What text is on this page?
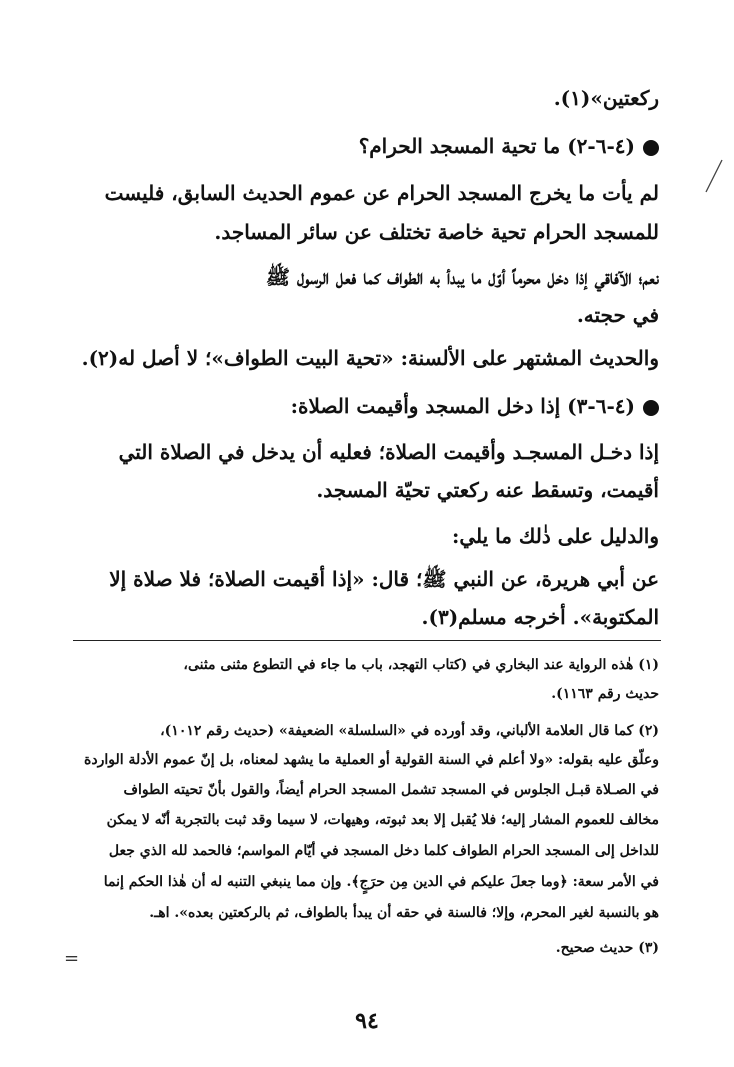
ركعتين»(١).
(٤-٦-٢) ما تحية المسجد الحرام؟
لم يأت ما يخرج المسجد الحرام عن عموم الحديث السابق، فليست
للمسجد الحرام تحية خاصة تختلف عن سائر المساجد.
نعم؛ الآفاقي إذا دخل محرماً أوّل ما يبدأ به الطواف كما فعل الرسول ﷺ
في حجته.
والحديث المشتهر على الألسنة: «تحية البيت الطواف»؛ لا أصل له(٢).
(٤-٦-٣) إذا دخل المسجد وأقيمت الصلاة:
إذا دخـل المسجـد وأقيمت الصلاة؛ فعليه أن يدخل في الصلاة التي
أقيمت، وتسقط عنه ركعتي تحيّة المسجد.
والدليل على ذٰلك ما يلي:
عن أبي هريرة، عن النبي ﷺ؛ قال: «إذا أقيمت الصلاة؛ فلا صلاة إلا
المكتوبة». أخرجه مسلم(٣).
(١) هٰذه الرواية عند البخاري في (كتاب التهجد، باب ما جاء في التطوع مثنى مثنى،
حديث رقم ١١٦٣).
(٢) كما قال العلامة الألباني، وقد أورده في «السلسلة» الضعيفة» (حديث رقم ١٠١٢)،
وعلّق عليه بقوله: «ولا أعلم في السنة القولية أو العملية ما يشهد لمعناه، بل إنّ عموم الأدلة الواردة
في الصـلاة قبـل الجلوس في المسجد تشمل المسجد الحرام أيضاً، والقول بأنّ تحيته الطواف
مخالف للعموم المشار إليه؛ فلا يُقبل إلا بعد ثبوته، وهيهات، لا سيما وقد ثبت بالتجربة أنّه لا يمكن
للداخل إلى المسجد الحرام الطواف كلما دخل المسجد في أيّام المواسم؛ فالحمد لله الذي جعل
في الأمر سعة: ﴿وما جعلَ عليكم في الدين مِن حرَجٍ﴾. وإن مما ينبغي التنبه له أن هٰذا الحكم إنما
هو بالنسبة لغير المحرم، وإلا؛ فالسنة في حقه أن يبدأ بالطواف، ثم بالركعتين بعده». اهـ.
(٣) حديث صحيح.
٩٤
=
